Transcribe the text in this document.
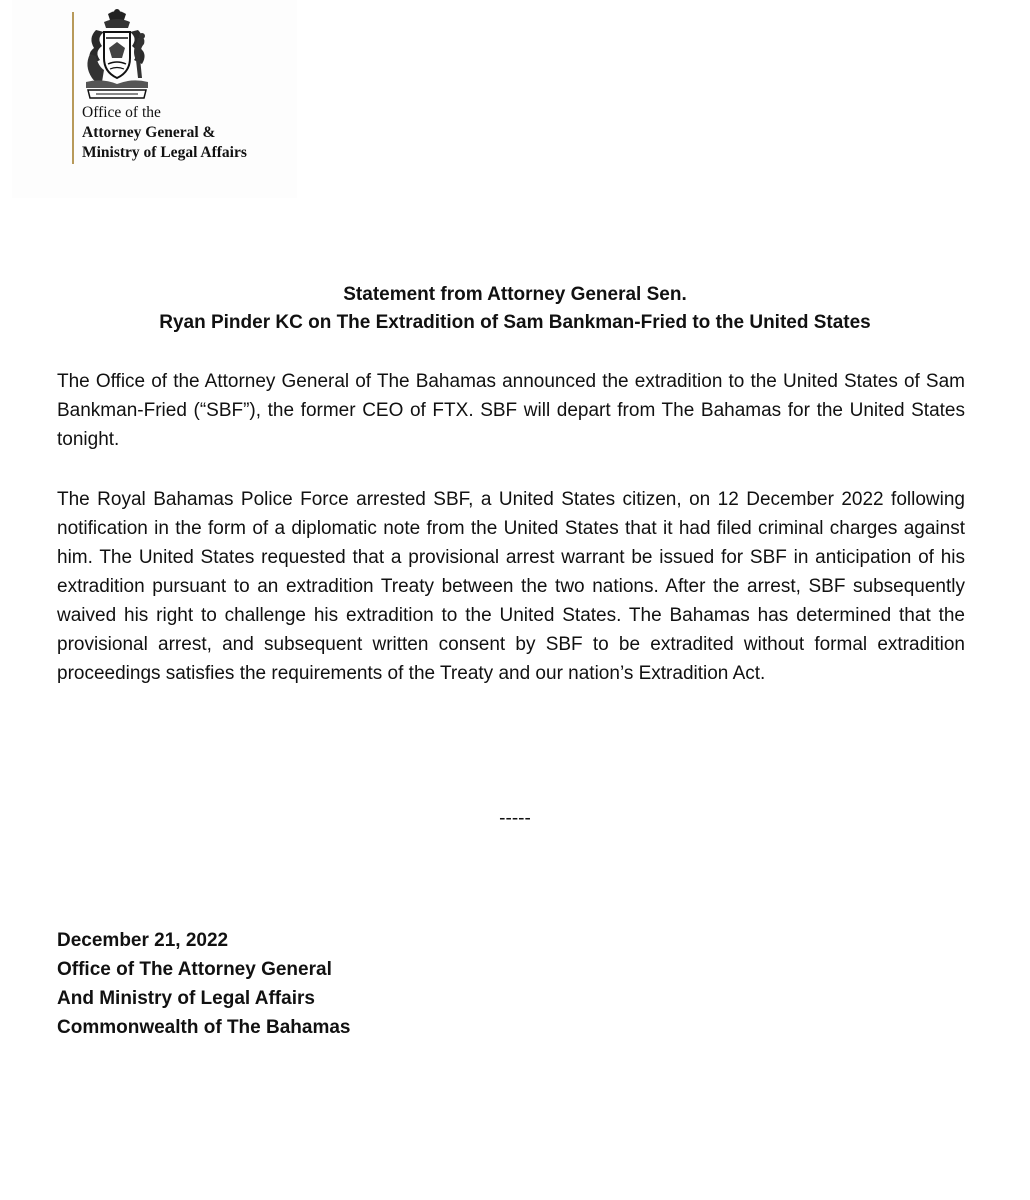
Office of the
Attorney General &
Ministry of Legal Affairs
Statement from Attorney General Sen.
Ryan Pinder KC on The Extradition of Sam Bankman-Fried to the United States

The Office of the Attorney General of The Bahamas announced the extradition to the United States of Sam Bankman-Fried (“SBF”), the former CEO of FTX. SBF will depart from The Bahamas for the United States tonight.

The Royal Bahamas Police Force arrested SBF, a United States citizen, on 12 December 2022 following notification in the form of a diplomatic note from the United States that it had filed criminal charges against him. The United States requested that a provisional arrest warrant be issued for SBF in anticipation of his extradition pursuant to an extradition Treaty between the two nations. After the arrest, SBF subsequently waived his right to challenge his extradition to the United States. The Bahamas has determined that the provisional arrest, and subsequent written consent by SBF to be extradited without formal extradition proceedings satisfies the requirements of the Treaty and our nation’s Extradition Act.

-----
December 21, 2022
Office of The Attorney General
And Ministry of Legal Affairs
Commonwealth of The Bahamas
